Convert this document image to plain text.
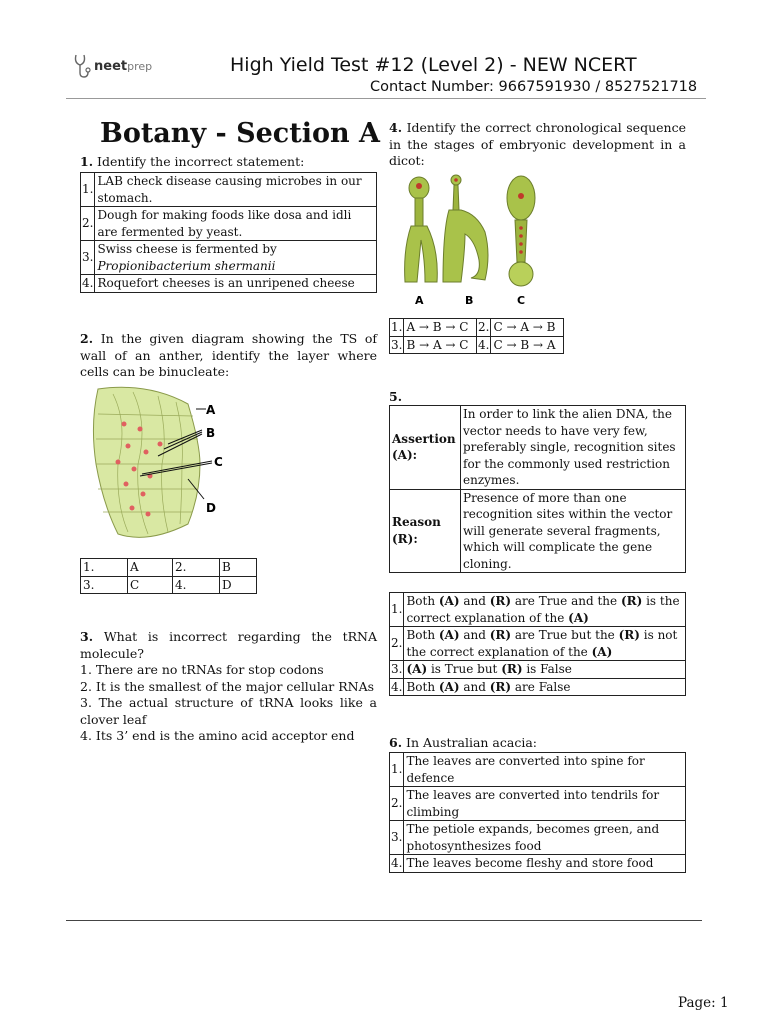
neetprep	High Yield Test #12 (Level 2) - NEW NCERT
Contact Number: 9667591930 / 8527521718
Botany - Section A
1. Identify the incorrect statement:
1.	LAB check disease causing microbes in our stomach.
2.	Dough for making foods like dosa and idli are fermented by yeast.
3.	Swiss cheese is fermented by
Propionibacterium shermanii
4.	Roquefort cheeses is an unripened cheese
2. In the given diagram showing the TS of wall of an anther, identify the layer where cells can be binucleate:
A
B
C
D
1.	A	2.	B
3.	C	4.	D
3. What is incorrect regarding the tRNA molecule?
1. There are no tRNAs for stop codons
2. It is the smallest of the major cellular RNAs
3. The actual structure of tRNA looks like a clover leaf
4. Its 3’ end is the amino acid acceptor end
4. Identify the correct chronological sequence in the stages of embryonic development in a dicot:
A	B	C
1.	A → B → C	2.	C → A → B
3.	B → A → C	4.	C → B → A
5.
Assertion (A):	In order to link the alien DNA, the vector needs to have very few, preferably single, recognition sites for the commonly used restriction enzymes.
Reason (R):	Presence of more than one recognition sites within the vector will generate several fragments, which will complicate the gene cloning.
1.	Both (A) and (R) are True and the (R) is the correct explanation of the (A)
2.	Both (A) and (R) are True but the (R) is not the correct explanation of the (A)
3.	(A) is True but (R) is False
4.	Both (A) and (R) are False
6. In Australian acacia:
1.	The leaves are converted into spine for defence
2.	The leaves are converted into tendrils for climbing
3.	The petiole expands, becomes green, and photosynthesizes food
4.	The leaves become fleshy and store food
Page: 1
